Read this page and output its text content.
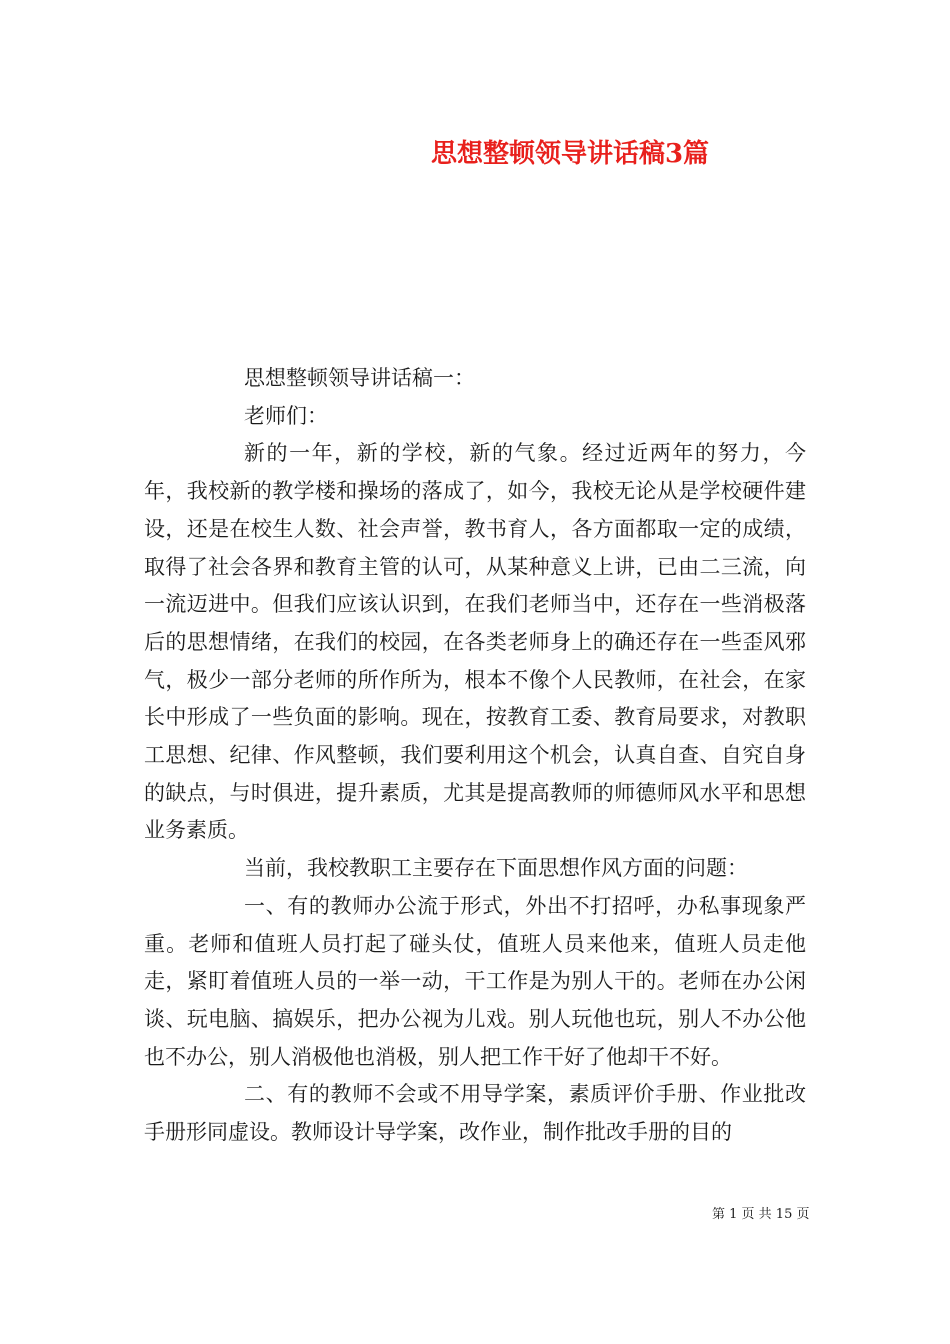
思想整顿领导讲话稿3篇

思想整顿领导讲话稿一：

老师们：

新的一年，新的学校，新的气象。经过近两年的努力，今年，我校新的教学楼和操场的落成了，如今，我校无论从是学校硬件建设，还是在校生人数、社会声誉，教书育人，各方面都取一定的成绩，取得了社会各界和教育主管的认可，从某种意义上讲，已由二三流，向一流迈进中。但我们应该认识到，在我们老师当中，还存在一些消极落后的思想情绪，在我们的校园，在各类老师身上的确还存在一些歪风邪气，极少一部分老师的所作所为，根本不像个人民教师，在社会，在家长中形成了一些负面的影响。现在，按教育工委、教育局要求，对教职工思想、纪律、作风整顿，我们要利用这个机会，认真自查、自究自身的缺点，与时俱进，提升素质，尤其是提高教师的师德师风水平和思想业务素质。

当前，我校教职工主要存在下面思想作风方面的问题：

一、有的教师办公流于形式，外出不打招呼，办私事现象严重。老师和值班人员打起了碰头仗，值班人员来他来，值班人员走他走，紧盯着值班人员的一举一动，干工作是为别人干的。老师在办公闲谈、玩电脑、搞娱乐，把办公视为儿戏。别人玩他也玩，别人不办公他也不办公，别人消极他也消极，别人把工作干好了他却干不好。

二、有的教师不会或不用导学案，素质评价手册、作业批改手册形同虚设。教师设计导学案，改作业，制作批改手册的目的

第 1 页 共 15 页
